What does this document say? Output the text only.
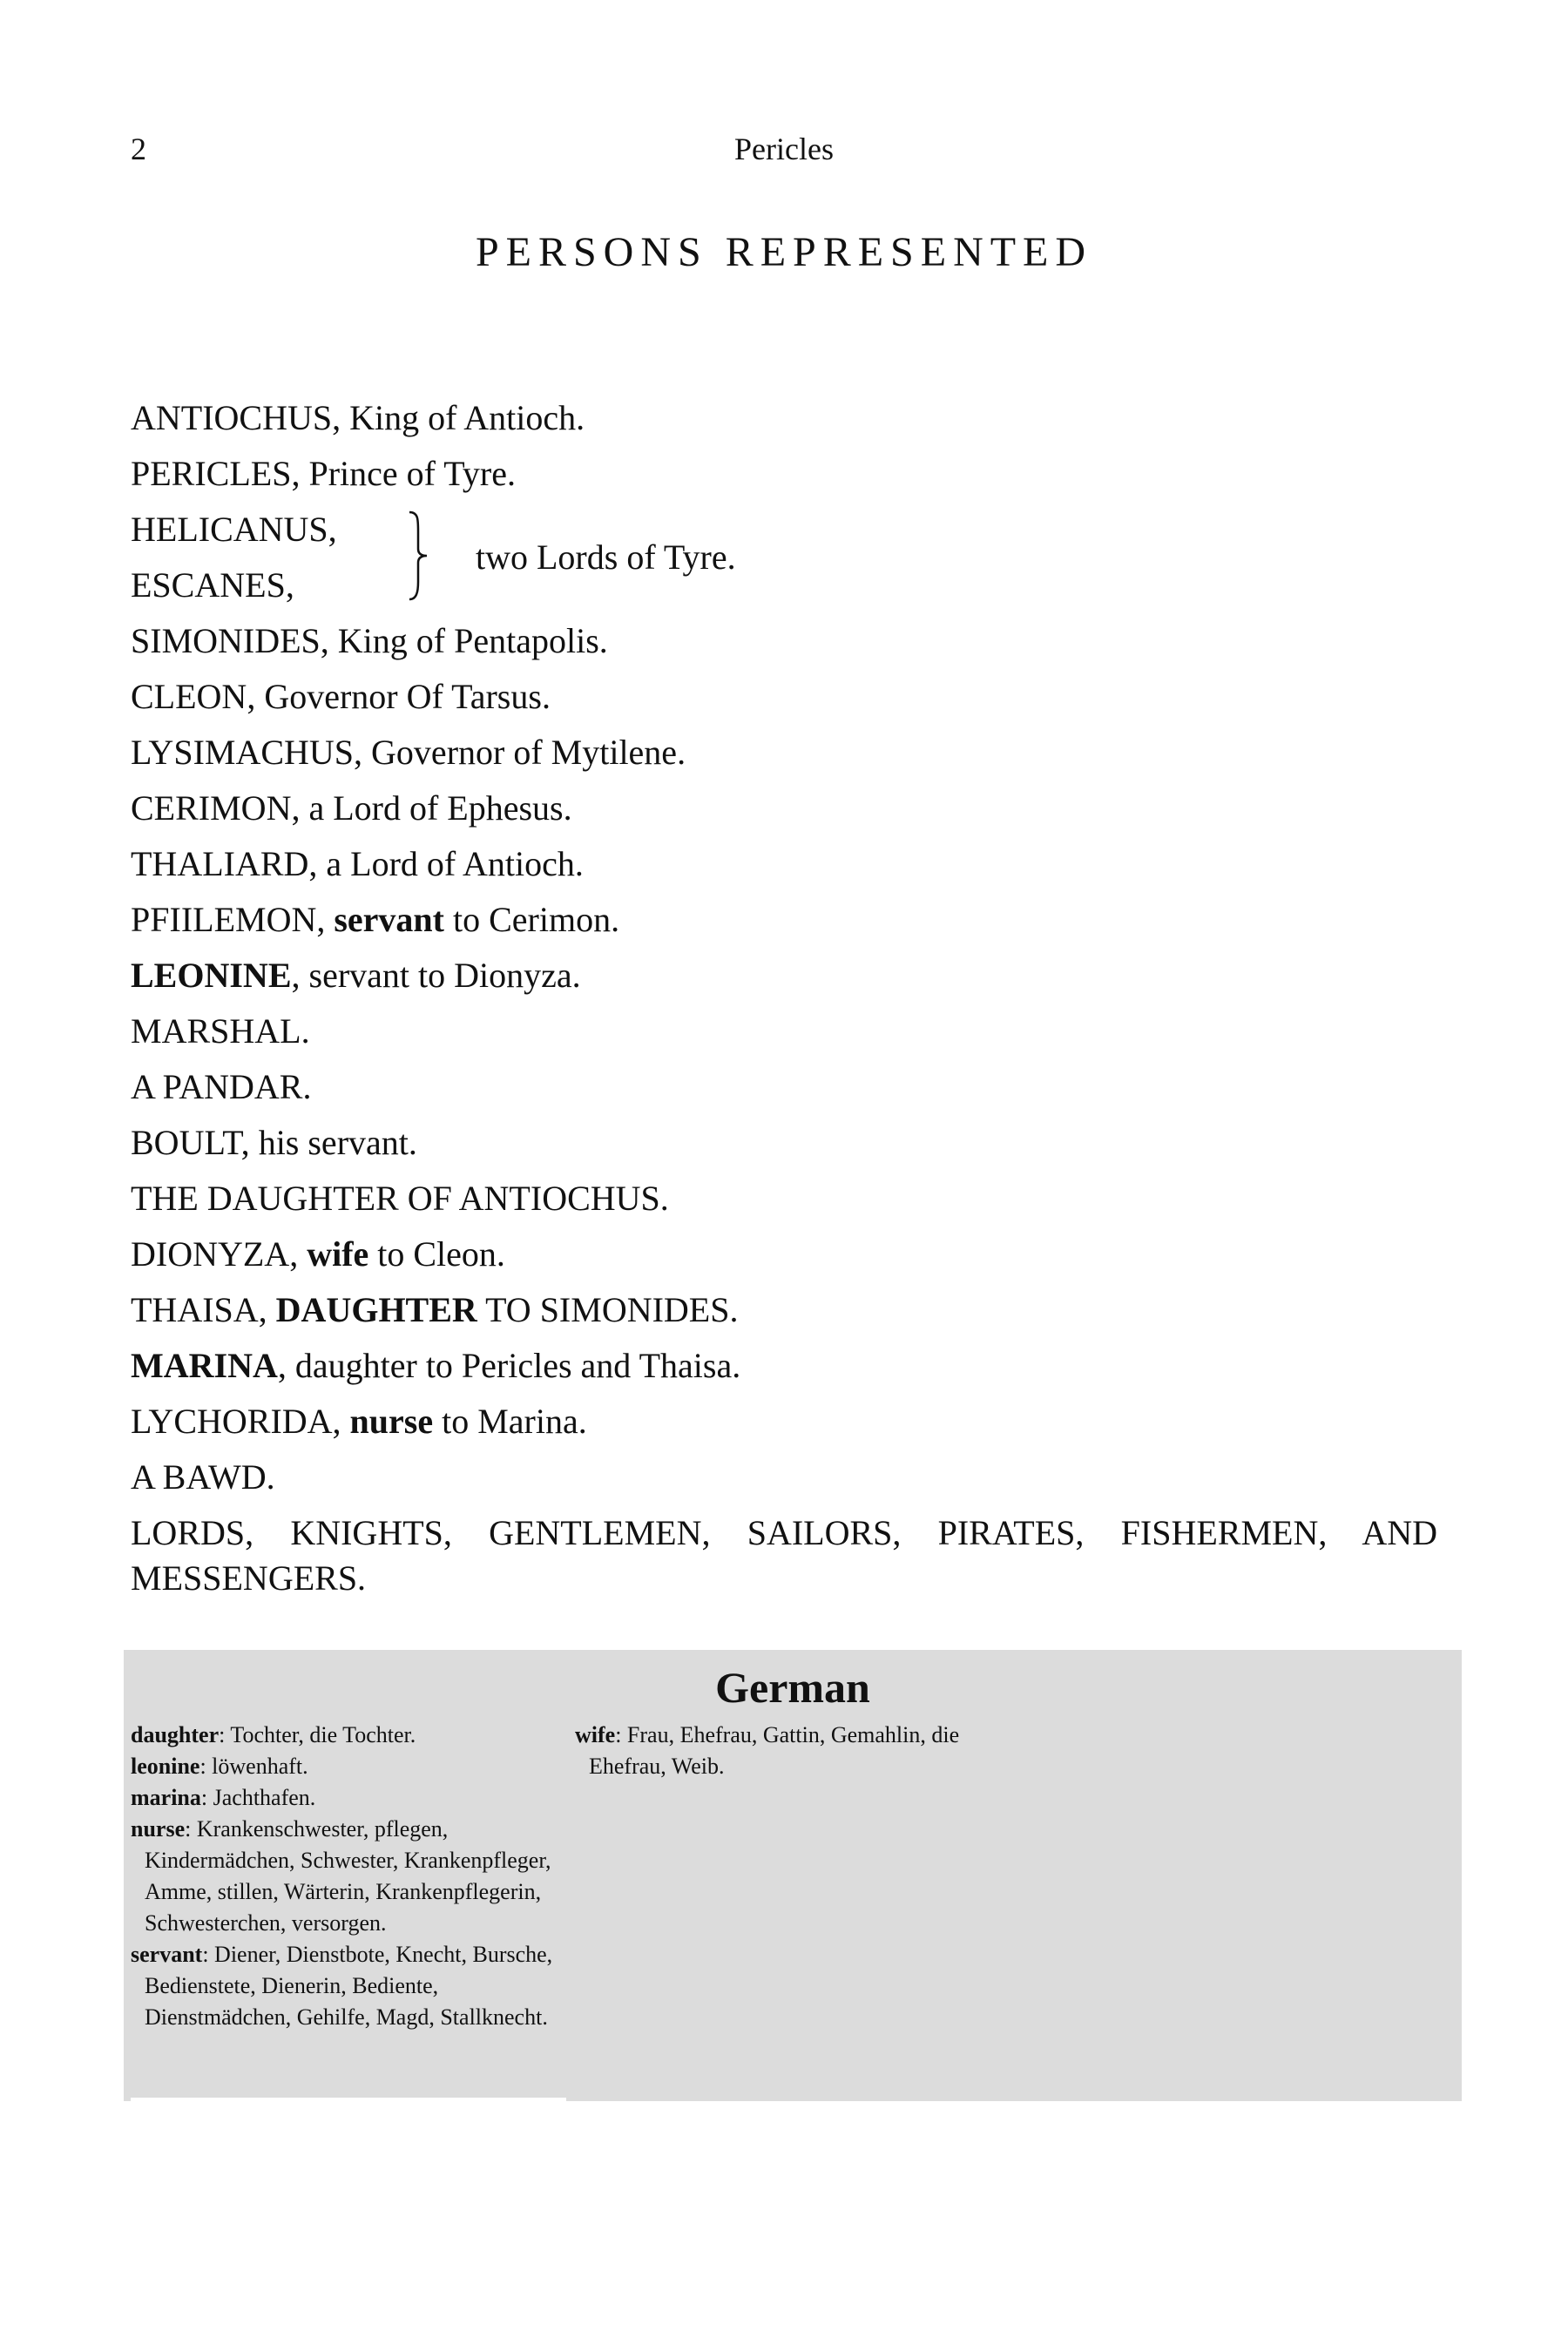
2	Pericles
PERSONS REPRESENTED
ANTIOCHUS, King of Antioch.
PERICLES, Prince of Tyre.
HELICANUS,
ESCANES,
two Lords of Tyre.
SIMONIDES, King of Pentapolis.
CLEON, Governor Of Tarsus.
LYSIMACHUS, Governor of Mytilene.
CERIMON, a Lord of Ephesus.
THALIARD, a Lord of Antioch.
PFIILEMON, servant to Cerimon.
LEONINE, servant to Dionyza.
MARSHAL.
A PANDAR.
BOULT, his servant.
THE DAUGHTER OF ANTIOCHUS.
DIONYZA, wife to Cleon.
THAISA, DAUGHTER TO SIMONIDES.
MARINA, daughter to Pericles and Thaisa.
LYCHORIDA, nurse to Marina.
A BAWD.
LORDS, KNIGHTS, GENTLEMEN, SAILORS, PIRATES, FISHERMEN, AND MESSENGERS.
German
daughter: Tochter, die Tochter.
leonine: löwenhaft.
marina: Jachthafen.
nurse: Krankenschwester, pflegen, Kindermädchen, Schwester, Krankenpfleger, Amme, stillen, Wärterin, Krankenpflegerin, Schwesterchen, versorgen.
servant: Diener, Dienstbote, Knecht, Bursche, Bedienstete, Dienerin, Bediente, Dienstmädchen, Gehilfe, Magd, Stallknecht.
wife: Frau, Ehefrau, Gattin, Gemahlin, die Ehefrau, Weib.
